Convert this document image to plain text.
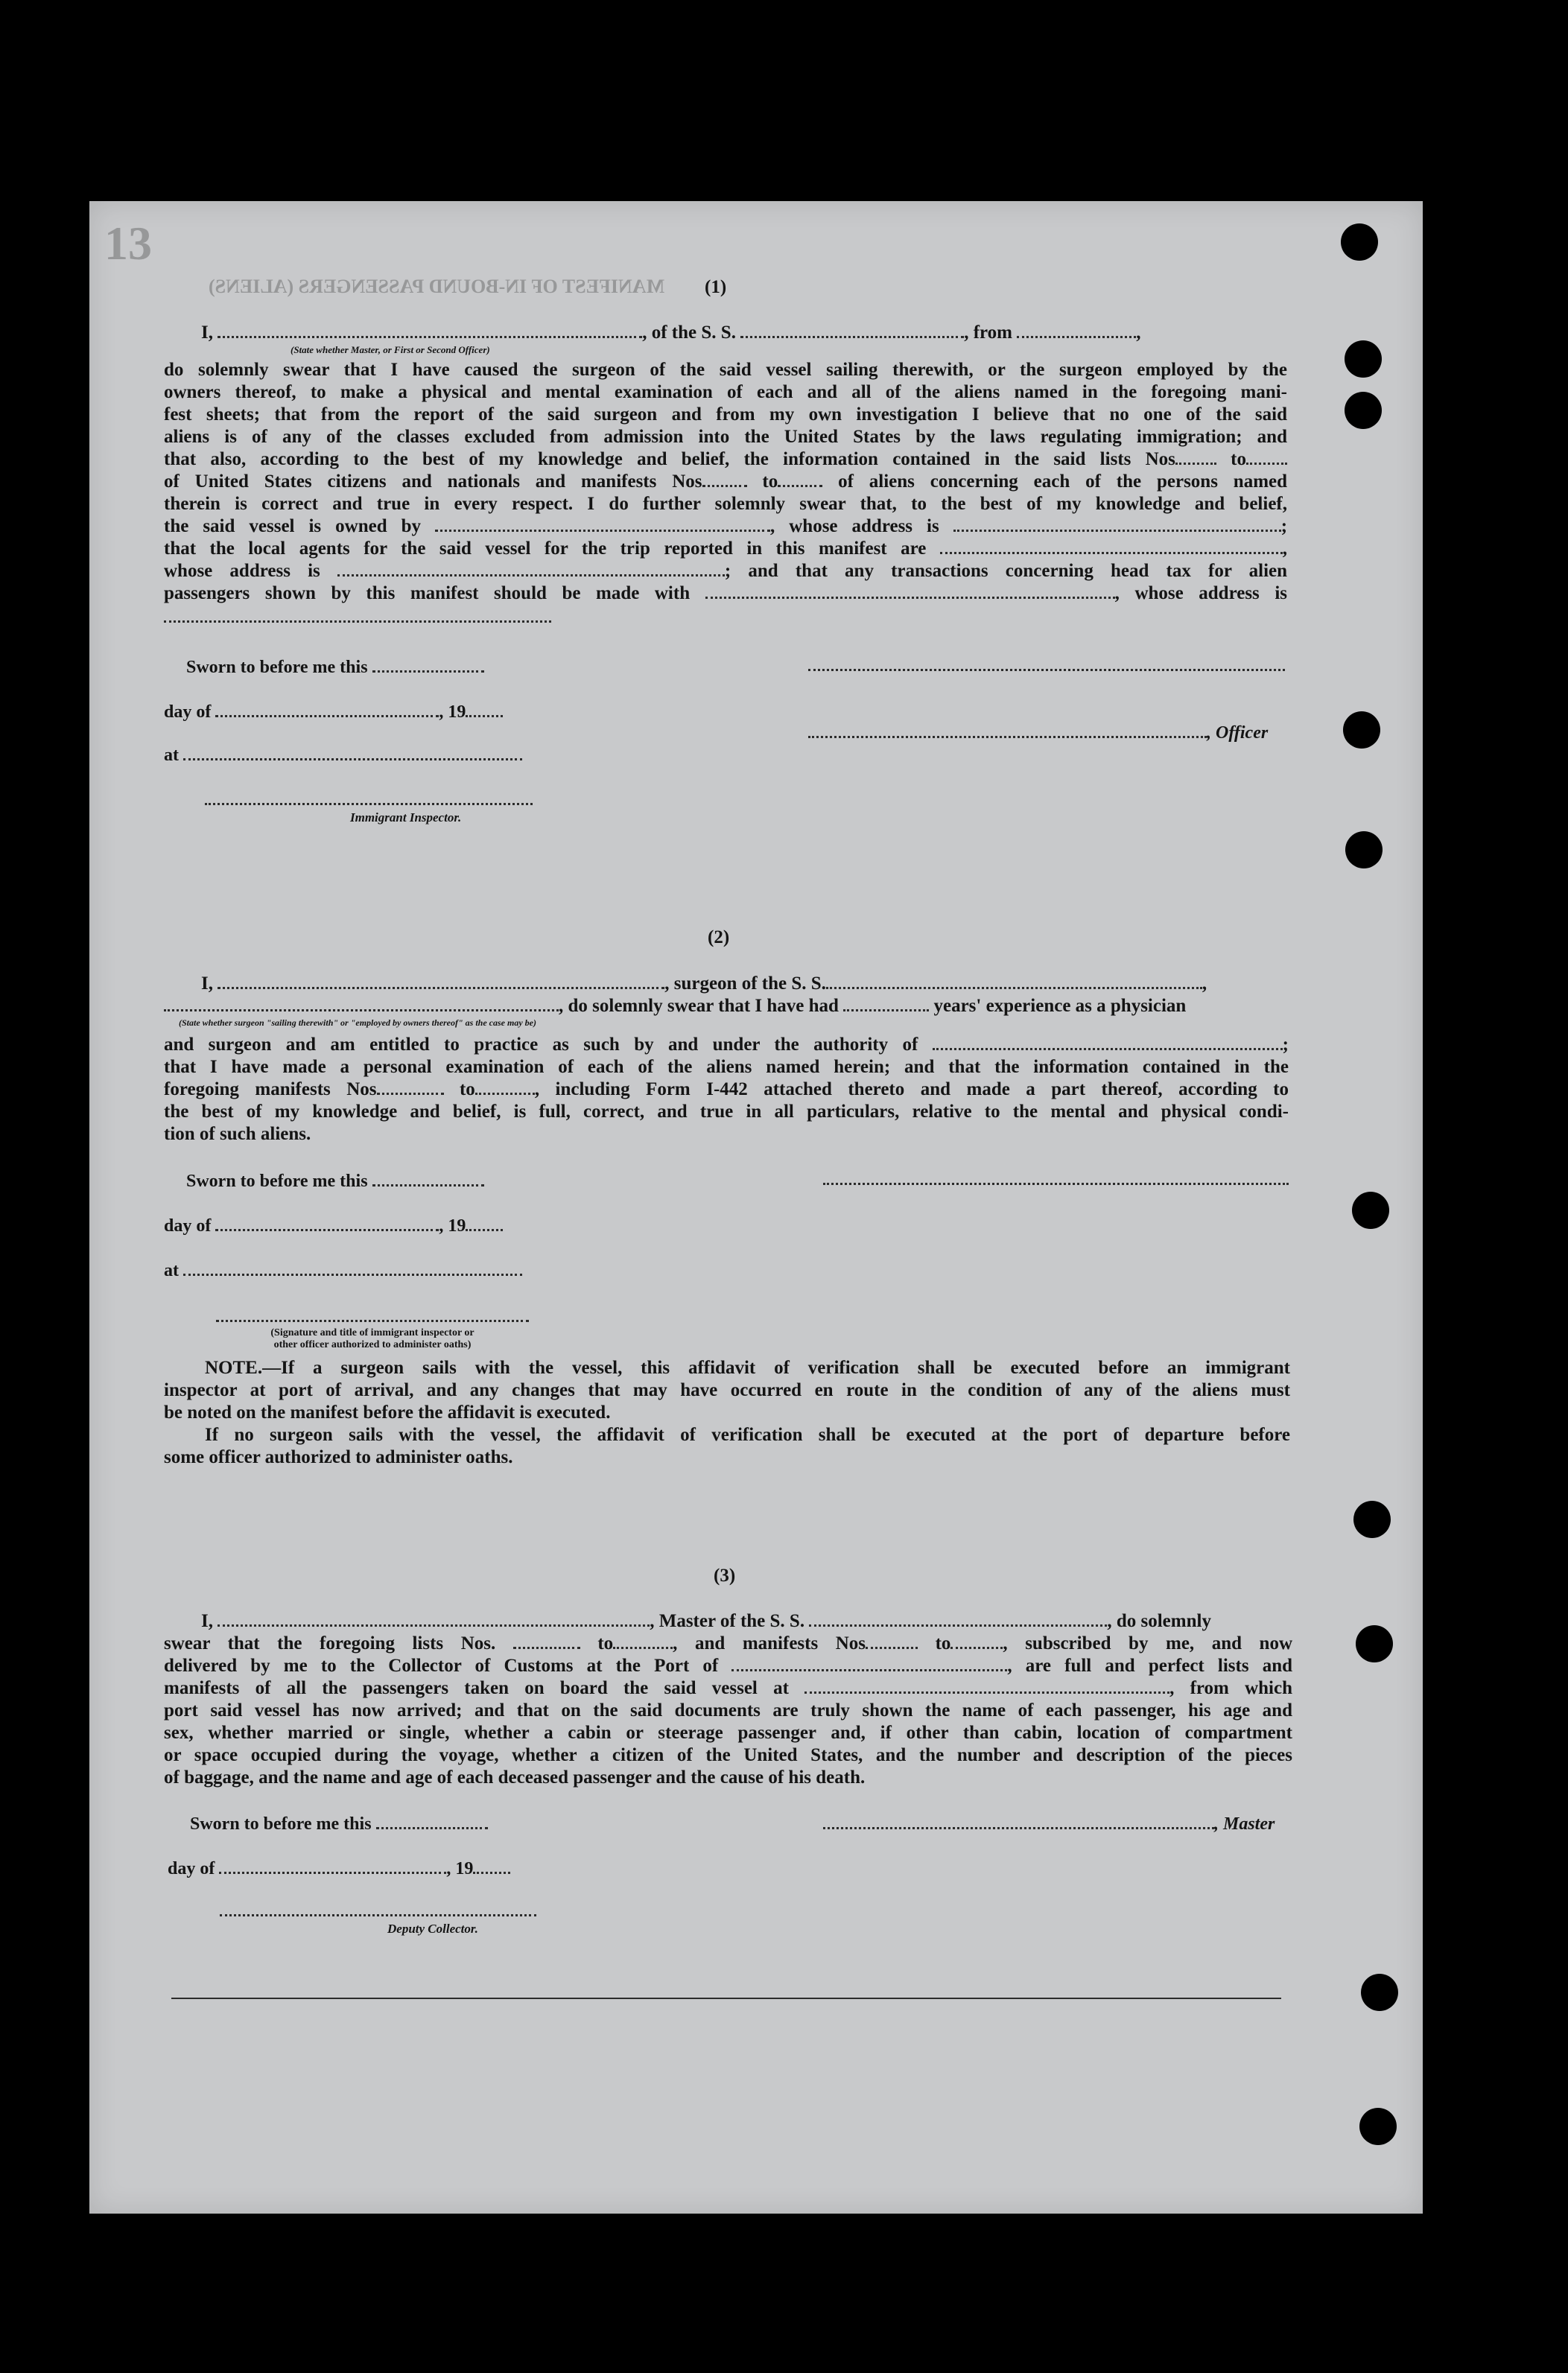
13
MANIFEST OF IN-BOUND PASSENGERS (ALIENS) (1)
I,	, of the S. S.	, from	,
(State whether Master, or First or Second Officer)
do solemnly swear that I have caused the surgeon of the said vessel sailing therewith, or the surgeon employed by the
owners thereof, to make a physical and mental examination of each and all of the aliens named in the foregoing mani-
fest sheets; that from the report of the said surgeon and from my own investigation I believe that no one of the said
aliens is of any of the classes excluded from admission into the United States by the laws regulating immigration; and
that also, according to the best of my knowledge and belief, the information contained in the said lists Nos	to
of United States citizens and nationals and manifests Nos	to	of aliens concerning each of the persons named
therein is correct and true in every respect. I do further solemnly swear that, to the best of my knowledge and belief,
the said vessel is owned by	, whose address is	;
that the local agents for the said vessel for the trip reported in this manifest are	,
whose address is	; and that any transactions concerning head tax for alien
passengers shown by this manifest should be made with	, whose address is
Sworn to before me this
day of	, 19
, Officer
at
Immigrant Inspector.
(2)
I,	, surgeon of the S. S.	,
, do solemnly swear that I have had	years' experience as a physician
(State whether surgeon "sailing therewith" or "employed by owners thereof" as the case may be)
and surgeon and am entitled to practice as such by and under the authority of	;
that I have made a personal examination of each of the aliens named herein; and that the information contained in the
foregoing manifests Nos	to	, including Form I-442 attached thereto and made a part thereof, according to
the best of my knowledge and belief, is full, correct, and true in all particulars, relative to the mental and physical condi-
tion of such aliens.
Sworn to before me this
day of	, 19
at
(Signature and title of immigrant inspector or
other officer authorized to administer oaths)
NOTE.—If a surgeon sails with the vessel, this affidavit of verification shall be executed before an immigrant
inspector at port of arrival, and any changes that may have occurred en route in the condition of any of the aliens must
be noted on the manifest before the affidavit is executed.
If no surgeon sails with the vessel, the affidavit of verification shall be executed at the port of departure before
some officer authorized to administer oaths.
(3)
I,	, Master of the S. S.	, do solemnly
swear that the foregoing lists Nos.	to	, and manifests Nos	to	, subscribed by me, and now
delivered by me to the Collector of Customs at the Port of	, are full and perfect lists and
manifests of all the passengers taken on board the said vessel at	, from which
port said vessel has now arrived; and that on the said documents are truly shown the name of each passenger, his age and
sex, whether married or single, whether a cabin or steerage passenger and, if other than cabin, location of compartment
or space occupied during the voyage, whether a citizen of the United States, and the number and description of the pieces
of baggage, and the name and age of each deceased passenger and the cause of his death.
Sworn to before me this	, Master
day of	, 19
Deputy Collector.
